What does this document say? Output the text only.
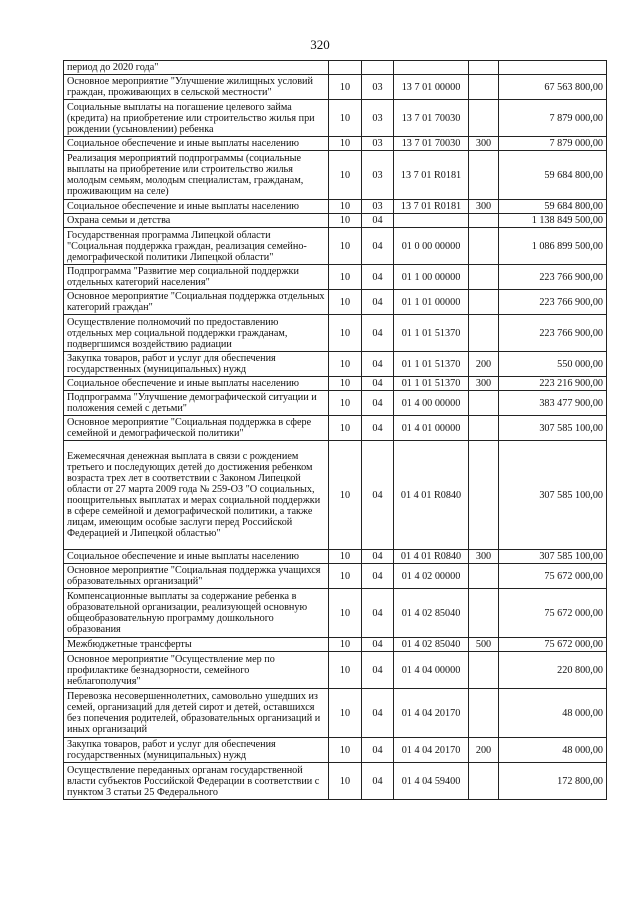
320
период до 2020 года"					
Основное мероприятие "Улучшение жилищных условий граждан, проживающих в сельской местности"	10	03	13 7 01 00000		67 563 800,00
Социальные выплаты на погашение целевого займа (кредита) на приобретение или строительство жилья при рождении (усыновлении) ребенка	10	03	13 7 01 70030		7 879 000,00
Социальное обеспечение и иные выплаты населению	10	03	13 7 01 70030	300	7 879 000,00
Реализация мероприятий подпрограммы (социальные выплаты на приобретение или строительство жилья молодым семьям, молодым специалистам, гражданам, проживающим на селе)	10	03	13 7 01 R0181		59 684 800,00
Социальное обеспечение и иные выплаты населению	10	03	13 7 01 R0181	300	59 684 800,00
Охрана семьи и детства	10	04			1 138 849 500,00
Государственная программа Липецкой области "Социальная поддержка граждан, реализация семейно-демографической политики Липецкой области"	10	04	01 0 00 00000		1 086 899 500,00
Подпрограмма "Развитие мер социальной поддержки отдельных категорий населения"	10	04	01 1 00 00000		223 766 900,00
Основное мероприятие "Социальная поддержка отдельных категорий граждан"	10	04	01 1 01 00000		223 766 900,00
Осуществление полномочий по предоставлению отдельных мер социальной поддержки гражданам, подвергшимся воздействию радиации	10	04	01 1 01 51370		223 766 900,00
Закупка товаров, работ и услуг для обеспечения государственных (муниципальных) нужд	10	04	01 1 01 51370	200	550 000,00
Социальное обеспечение и иные выплаты населению	10	04	01 1 01 51370	300	223 216 900,00
Подпрограмма "Улучшение демографической ситуации и положения семей с детьми"	10	04	01 4 00 00000		383 477 900,00
Основное мероприятие "Социальная поддержка в сфере семейной и демографической политики"	10	04	01 4 01 00000		307 585 100,00
Ежемесячная денежная выплата в связи с рождением третьего и последующих детей до достижения ребенком возраста трех лет в соответствии с Законом Липецкой области от 27 марта 2009 года № 259-ОЗ "О социальных, поощрительных выплатах и мерах социальной поддержки в сфере семейной и демографической политики, а также лицам, имеющим особые заслуги перед Российской Федерацией и Липецкой областью"	10	04	01 4 01 R0840		307 585 100,00
Социальное обеспечение и иные выплаты населению	10	04	01 4 01 R0840	300	307 585 100,00
Основное мероприятие "Социальная поддержка учащихся образовательных организаций"	10	04	01 4 02 00000		75 672 000,00
Компенсационные выплаты за содержание ребенка в образовательной организации, реализующей основную общеобразовательную программу дошкольного образования	10	04	01 4 02 85040		75 672 000,00
Межбюджетные трансферты	10	04	01 4 02 85040	500	75 672 000,00
Основное мероприятие "Осуществление мер по профилактике безнадзорности, семейного неблагополучия"	10	04	01 4 04 00000		220 800,00
Перевозка несовершеннолетних, самовольно ушедших из семей, организаций для детей сирот и детей, оставшихся без попечения родителей, образовательных организаций и иных организаций	10	04	01 4 04 20170		48 000,00
Закупка товаров, работ и услуг для обеспечения государственных (муниципальных) нужд	10	04	01 4 04 20170	200	48 000,00
Осуществление переданных органам государственной власти субъектов Российской Федерации в соответствии с пунктом 3 статьи 25 Федерального	10	04	01 4 04 59400		172 800,00
